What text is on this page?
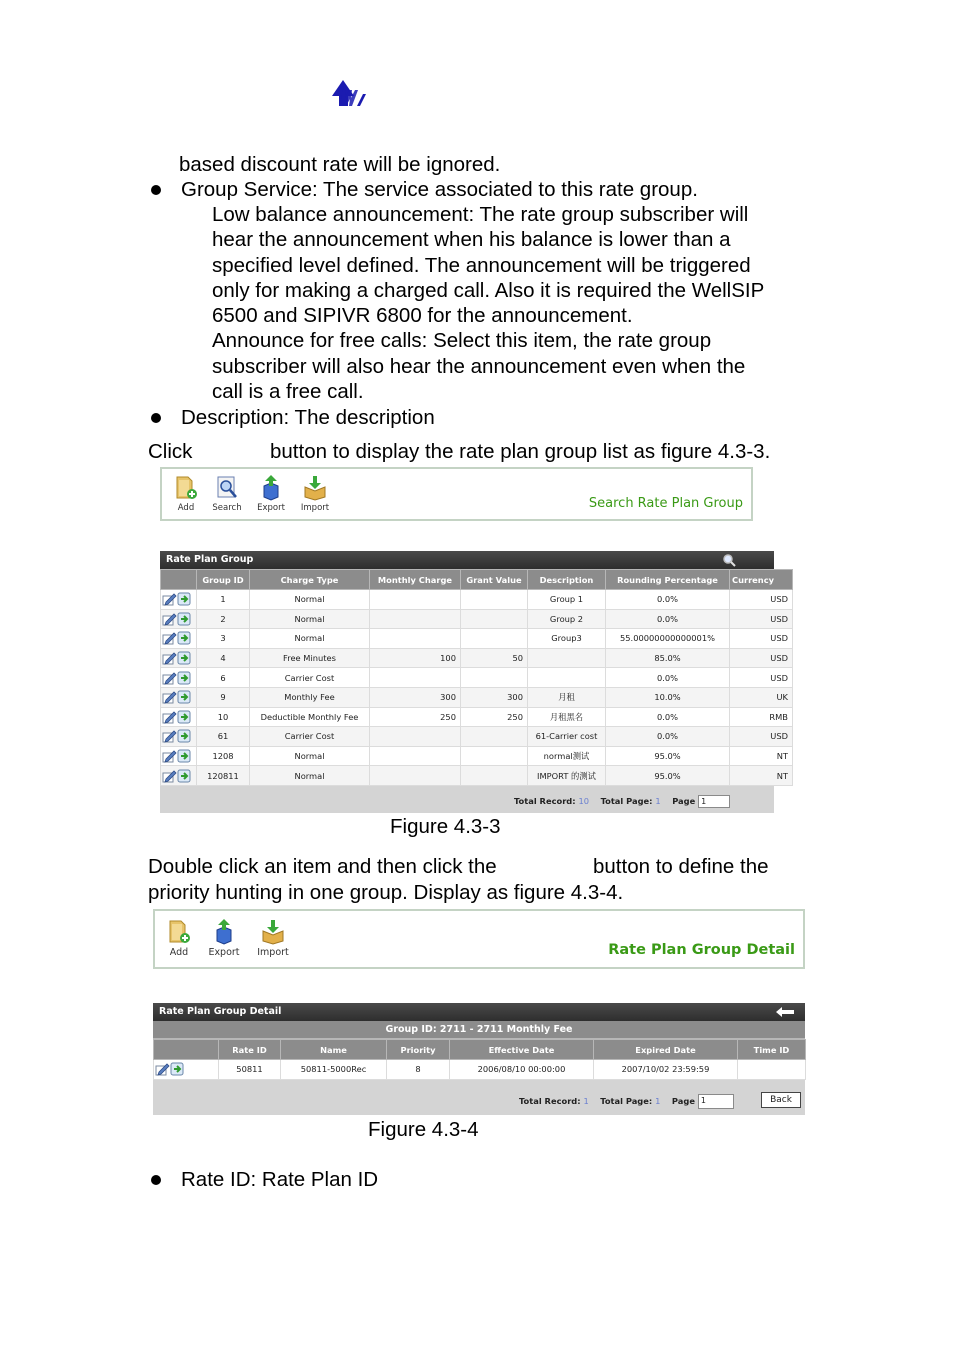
based discount rate will be ignored.
Group Service: The service associated to this rate group.
Low balance announcement: The rate group subscriber will
hear the announcement when his balance is lower than a
specified level defined. The announcement will be triggered
only for making a charged call. Also it is required the WellSIP
6500 and SIPIVR 6800 for the announcement.
Announce for free calls: Select this item, the rate group
subscriber will also hear the announcement even when the
call is a free call.
Description: The description
Click	button to display the rate plan group list as figure 4.3-3.
Add	Search	Export	Import	Search Rate Plan Group
Rate Plan Group
	Group ID	Charge Type	Monthly Charge	Grant Value	Description	Rounding Percentage	Currency
	1	Normal			Group 1	0.0%	USD
	2	Normal			Group 2	0.0%	USD
	3	Normal			Group3	55.00000000000001%	USD
	4	Free Minutes	100	50		85.0%	USD
	6	Carrier Cost				0.0%	USD
	9	Monthly Fee	300	300	月租	10.0%	UK
	10	Deductible Monthly Fee	250	250	月租黑名	0.0%	RMB
	61	Carrier Cost			61-Carrier cost	0.0%	USD
	1208	Normal			normal测试	95.0%	NT
	120811	Normal			IMPORT 的测试	95.0%	NT
Total Record: 10 Total Page: 1 Page 1
Figure 4.3-3
Double click an item and then click the	button to define the
priority hunting in one group. Display as figure 4.3-4.
Add	Export	Import	Rate Plan Group Detail
Rate Plan Group Detail
Group ID: 2711 - 2711 Monthly Fee
	Rate ID	Name	Priority	Effective Date	Expired Date	Time ID
	50811	50811-5000Rec	8	2006/08/10 00:00:00	2007/10/02 23:59:59	
Total Record: 1 Total Page: 1 Page 1	Back
Figure 4.3-4
Rate ID: Rate Plan ID
